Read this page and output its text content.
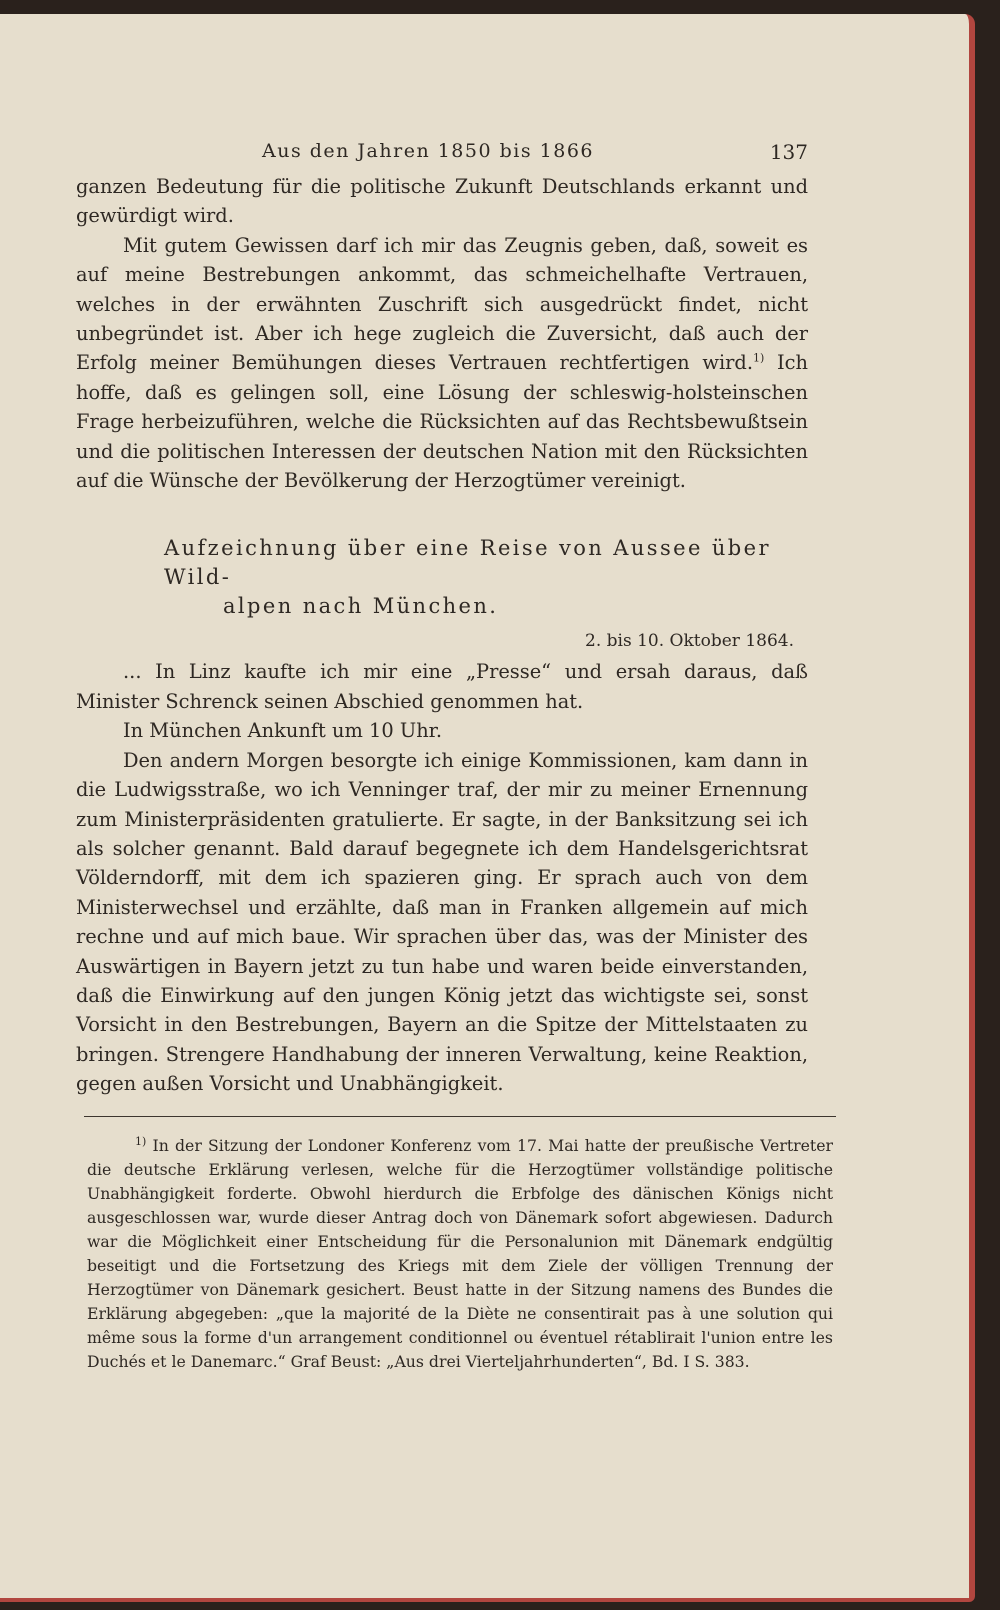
Aus den Jahren 1850 bis 1866	137

ganzen Bedeutung für die politische Zukunft Deutschlands erkannt und gewürdigt wird.

Mit gutem Gewissen darf ich mir das Zeugnis geben, daß, soweit es auf meine Bestrebungen ankommt, das schmeichelhafte Vertrauen, welches in der erwähnten Zuschrift sich ausgedrückt findet, nicht unbegründet ist. Aber ich hege zugleich die Zuversicht, daß auch der Erfolg meiner Bemühungen dieses Vertrauen rechtfertigen wird.$^{1)}$ Ich hoffe, daß es gelingen soll, eine Lösung der schleswig-holsteinschen Frage herbeizuführen, welche die Rücksichten auf das Rechtsbewußtsein und die politischen Interessen der deutschen Nation mit den Rücksichten auf die Wünsche der Bevölkerung der Herzogtümer vereinigt.

Aufzeichnung über eine Reise von Aussee über Wild-
alpen nach München.
2. bis 10. Oktober 1864.

... In Linz kaufte ich mir eine „Presse“ und ersah daraus, daß Minister Schrenck seinen Abschied genommen hat.

In München Ankunft um 10 Uhr.

Den andern Morgen besorgte ich einige Kommissionen, kam dann in die Ludwigsstraße, wo ich Venninger traf, der mir zu meiner Ernennung zum Ministerpräsidenten gratulierte. Er sagte, in der Banksitzung sei ich als solcher genannt. Bald darauf begegnete ich dem Handelsgerichtsrat Völderndorff, mit dem ich spazieren ging. Er sprach auch von dem Ministerwechsel und erzählte, daß man in Franken allgemein auf mich rechne und auf mich baue. Wir sprachen über das, was der Minister des Auswärtigen in Bayern jetzt zu tun habe und waren beide einverstanden, daß die Einwirkung auf den jungen König jetzt das wichtigste sei, sonst Vorsicht in den Bestrebungen, Bayern an die Spitze der Mittelstaaten zu bringen. Strengere Handhabung der inneren Verwaltung, keine Reaktion, gegen außen Vorsicht und Unabhängigkeit.

$^{1)}$ In der Sitzung der Londoner Konferenz vom 17. Mai hatte der preußische Vertreter die deutsche Erklärung verlesen, welche für die Herzogtümer vollständige politische Unabhängigkeit forderte. Obwohl hierdurch die Erbfolge des dänischen Königs nicht ausgeschlossen war, wurde dieser Antrag doch von Dänemark sofort abgewiesen. Dadurch war die Möglichkeit einer Entscheidung für die Personalunion mit Dänemark endgültig beseitigt und die Fortsetzung des Kriegs mit dem Ziele der völligen Trennung der Herzogtümer von Dänemark gesichert. Beust hatte in der Sitzung namens des Bundes die Erklärung abgegeben: „que la majorité de la Diète ne consentirait pas à une solution qui même sous la forme d'un arrangement conditionnel ou éventuel rétablirait l'union entre les Duchés et le Danemarc.“ Graf Beust: „Aus drei Vierteljahrhunderten“, Bd. I S. 383.
